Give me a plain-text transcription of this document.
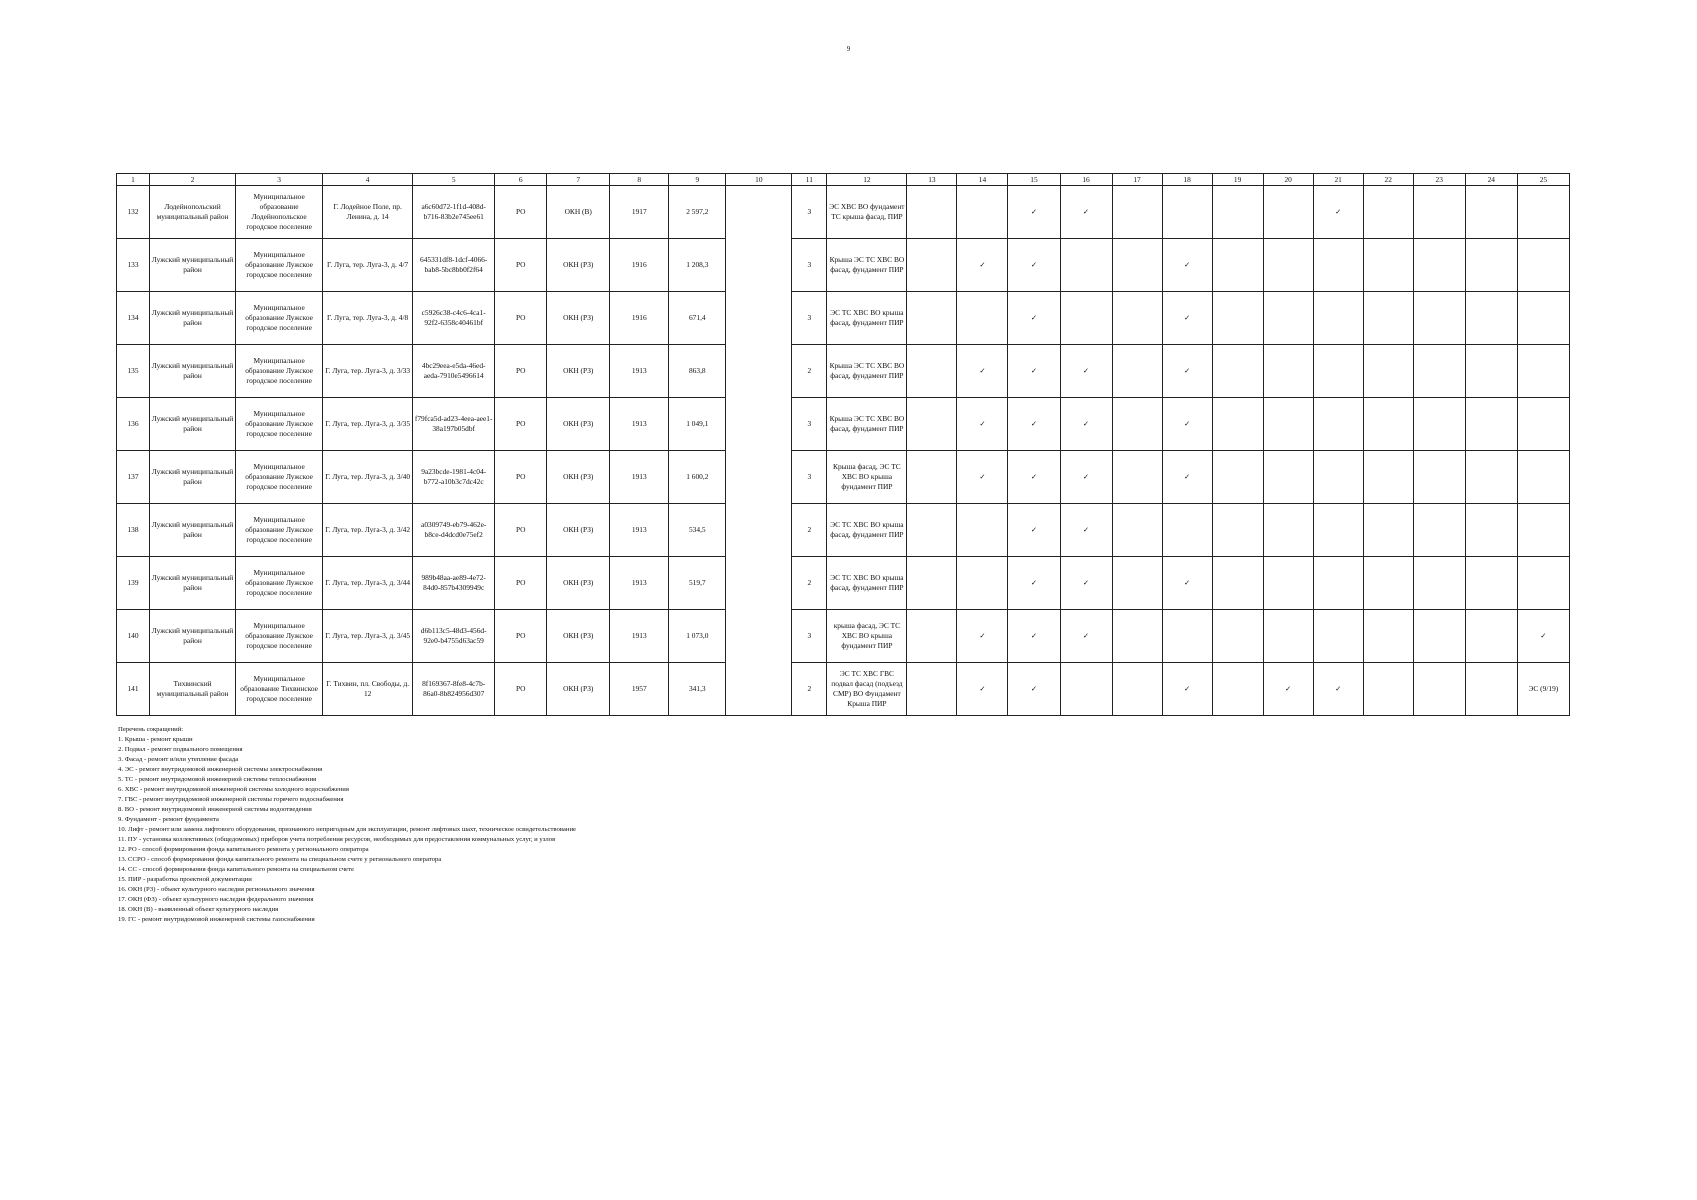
9
1	2	3	4	5	6	7	8	9	10	11	12	13	14	15	16	17	18	19	20	21	22	23	24	25
132	Лодейнопольский муниципальный район	Муниципальное образование Лодейнопольское городское поселение	Г. Лодейное Поле, пр. Ленина, д. 14	a6c60d72-1f1d-408d-b716-83b2e745ee61	РО	ОКН (В)	1917	2 597,2		3	ЭС ХВС ВО фундамент ТС крыша фасад, ПИР			✓	✓					✓				
133	Лужский муниципальный район	Муниципальное образование Лужское городское поселение	Г. Луга, тер. Луга-3, д. 4/7	645331df8-1dcf-4066-bab8-5bc8bb0f2f64	РО	ОКН (РЗ)	1916	1 208,3		3	Крыша ЭС ТС ХВС ВО фасад, фундамент ПИР		✓	✓			✓							
134	Лужский муниципальный район	Муниципальное образование Лужское городское поселение	Г. Луга, тер. Луга-3, д. 4/8	c5926c38-c4c6-4ca1-92f2-6358c40461bf	РО	ОКН (РЗ)	1916	671,4		3	ЭС ТС ХВС ВО крыша фасад, фундамент ПИР			✓			✓							
135	Лужский муниципальный район	Муниципальное образование Лужское городское поселение	Г. Луга, тер. Луга-3, д. 3/33	4bc29eea-e5da-46ed-aeda-7910e5496614	РО	ОКН (РЗ)	1913	863,8		2	Крыша ЭС ТС ХВС ВО фасад, фундамент ПИР		✓	✓	✓		✓							
136	Лужский муниципальный район	Муниципальное образование Лужское городское поселение	Г. Луга, тер. Луга-3, д. 3/35	f79fca5d-ad23-4eea-aee1-38a197b05dbf	РО	ОКН (РЗ)	1913	1 049,1		3	Крыша ЭС ТС ХВС ВО фасад, фундамент ПИР		✓	✓	✓		✓							
137	Лужский муниципальный район	Муниципальное образование Лужское городское поселение	Г. Луга, тер. Луга-3, д. 3/40	9a23bcde-1981-4c04-b772-a10b3c7dc42c	РО	ОКН (РЗ)	1913	1 600,2		3	Крыша фасад, ЭС ТС ХВС ВО крыша фундамент ПИР		✓	✓	✓		✓							
138	Лужский муниципальный район	Муниципальное образование Лужское городское поселение	Г. Луга, тер. Луга-3, д. 3/42	a0309749-eb79-462e-b8ce-d4dcd0e75ef2	РО	ОКН (РЗ)	1913	534,5		2	ЭС ТС ХВС ВО крыша фасад, фундамент ПИР			✓	✓									
139	Лужский муниципальный район	Муниципальное образование Лужское городское поселение	Г. Луга, тер. Луга-3, д. 3/44	989b48aa-ae89-4e72-84d0-857b4309949c	РО	ОКН (РЗ)	1913	519,7		2	ЭС ТС ХВС ВО крыша фасад, фундамент ПИР			✓	✓		✓							
140	Лужский муниципальный район	Муниципальное образование Лужское городское поселение	Г. Луга, тер. Луга-3, д. 3/45	d6b113c5-48d3-456d-92e0-b4755d63ac59	РО	ОКН (РЗ)	1913	1 073,0		3	крыша фасад, ЭС ТС ХВС ВО крыша фундамент ПИР		✓	✓	✓									✓
141	Тихвинский муниципальный район	Муниципальное образование Тихвинское городское поселение	Г. Тихвин, пл. Свободы, д. 12	8f169367-8fe8-4c7b-86a0-8b824956d307	РО	ОКН (РЗ)	1957	341,3		2	ЭС ТС ХВС ГВС подвал фасад (подъезд СМР) ВО Фундамент Крыша ПИР		✓	✓			✓		✓	✓				ЭС (9/19)
Перечень сокращений:
1. Крыша - ремонт крыши
2. Подвал - ремонт подвального помещения
3. Фасад - ремонт и/или утепление фасада
4. ЭС - ремонт внутридомовой инженерной системы электроснабжения
5. ТС - ремонт внутридомовой инженерной системы теплоснабжения
6. ХВС - ремонт внутридомовой инженерной системы холодного водоснабжения
7. ГВС - ремонт внутридомовой инженерной системы горячего водоснабжения
8. ВО - ремонт внутридомовой инженерной системы водоотведения
9. Фундамент - ремонт фундамента
10. Лифт - ремонт или замена лифтового оборудования, признанного непригодным для эксплуатации, ремонт лифтовых шахт, техническое освидетельствование
11. ПУ - установка коллективных (общедомовых) приборов учета потребления ресурсов, необходимых для предоставления коммунальных услуг, и узлов
12. РО - способ формирования фонда капитального ремонта у регионального оператора
13. ССРО - способ формирования фонда капитального ремонта на специальном счете у регионального оператора
14. СС - способ формирования фонда капитального ремонта на специальном счете
15. ПИР - разработка проектной документации
16. ОКН (РЗ) - объект культурного наследия регионального значения
17. ОКН (ФЗ) - объект культурного наследия федерального значения
18. ОКН (В) - выявленный объект культурного наследия
19. ГС - ремонт внутридомовой инженерной системы газоснабжения
